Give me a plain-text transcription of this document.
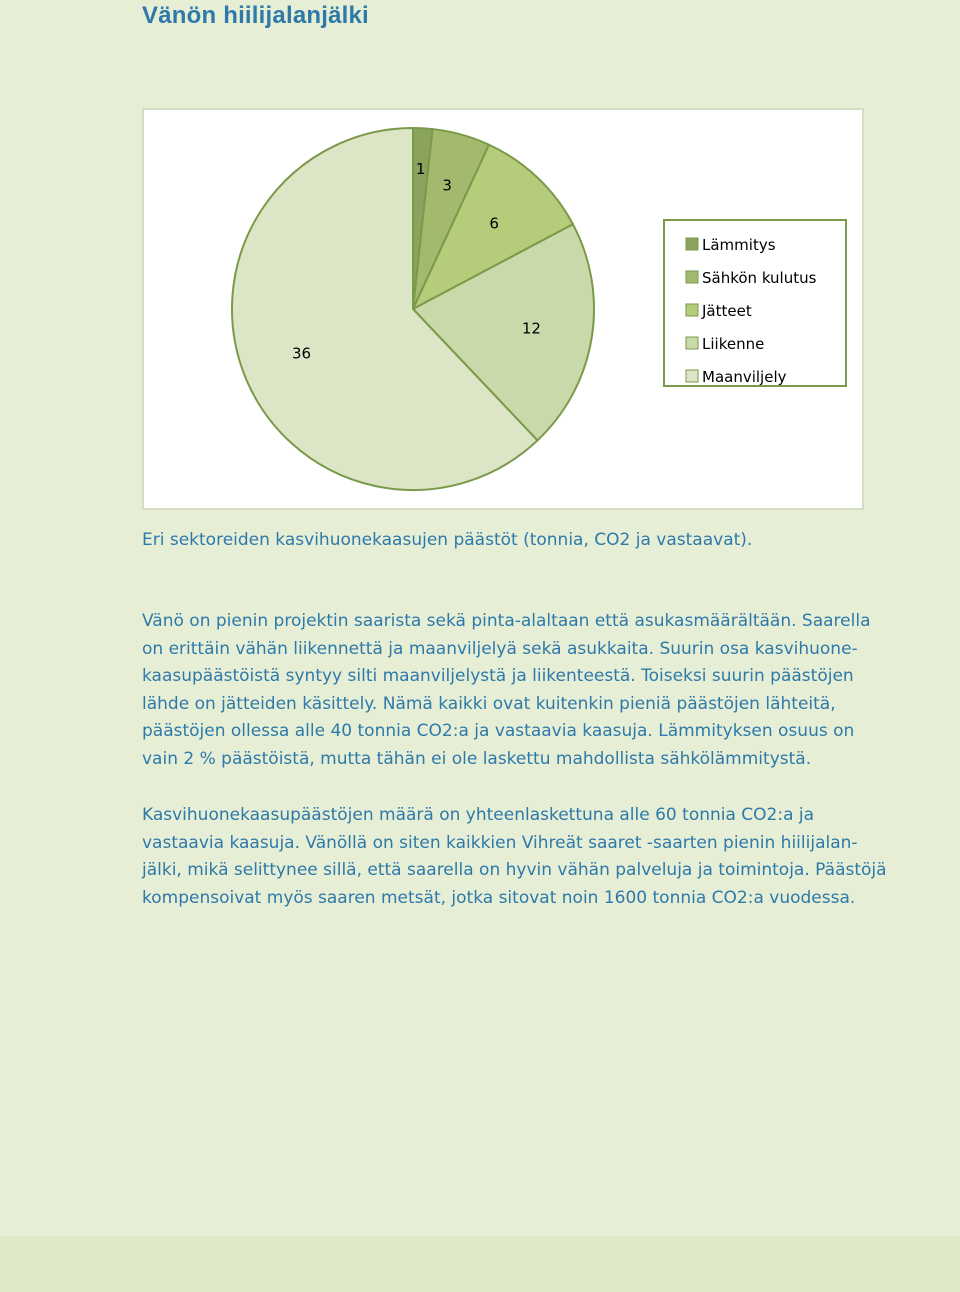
Vänön hiilijalanjälki
1
3
6
12
36
Lämmitys
Sähkön kulutus
Jätteet
Liikenne
Maanviljely

Eri sektoreiden kasvihuonekaasujen päästöt (tonnia, CO2 ja vastaavat).

Vänö on pienin projektin saarista sekä pinta-alaltaan että asukasmäärältään. Saarella
on erittäin vähän liikennettä ja maanviljelyä sekä asukkaita. Suurin osa kasvihuone-
kaasupäästöistä syntyy silti maanviljelystä ja liikenteestä. Toiseksi suurin päästöjen
lähde on jätteiden käsittely. Nämä kaikki ovat kuitenkin pieniä päästöjen lähteitä,
päästöjen ollessa alle 40 tonnia CO2:a ja vastaavia kaasuja. Lämmityksen osuus on
vain 2 % päästöistä, mutta tähän ei ole laskettu mahdollista sähkölämmitystä.
Kasvihuonekaasupäästöjen määrä on yhteenlaskettuna alle 60 tonnia CO2:a ja
vastaavia kaasuja. Vänöllä on siten kaikkien Vihreät saaret -saarten pienin hiilijalan-
jälki, mikä selittynee sillä, että saarella on hyvin vähän palveluja ja toimintoja. Päästöjä
kompensoivat myös saaren metsät, jotka sitovat noin 1600 tonnia CO2:a vuodessa.
